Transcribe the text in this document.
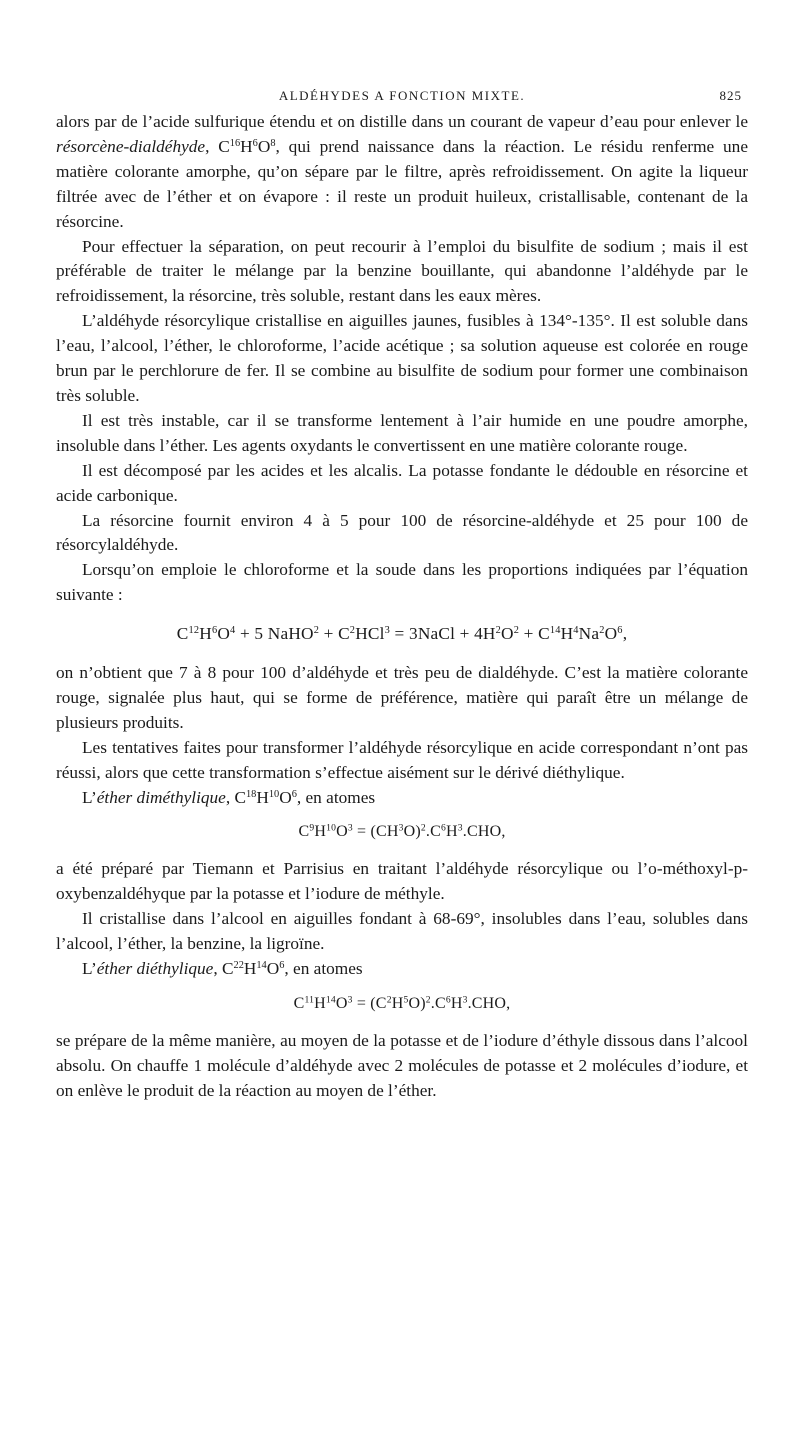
ALDÉHYDES A FONCTION MIXTE.	825

alors par de l’acide sulfurique étendu et on distille dans un courant de vapeur d’eau pour enlever le résorcène-dialdéhyde, $C^{16}H^6O^8$, qui prend naissance dans la réaction. Le résidu renferme une matière colorante amorphe, qu’on sépare par le filtre, après refroidissement. On agite la liqueur filtrée avec de l’éther et on évapore : il reste un produit huileux, cristallisable, contenant de la résorcine.

Pour effectuer la séparation, on peut recourir à l’emploi du bisulfite de sodium ; mais il est préférable de traiter le mélange par la benzine bouillante, qui abandonne l’aldéhyde par le refroidissement, la résorcine, très soluble, restant dans les eaux mères.

L’aldéhyde résorcylique cristallise en aiguilles jaunes, fusibles à 134°-135°. Il est soluble dans l’eau, l’alcool, l’éther, le chloroforme, l’acide acétique ; sa solution aqueuse est colorée en rouge brun par le perchlorure de fer. Il se combine au bisulfite de sodium pour former une combinaison très soluble.

Il est très instable, car il se transforme lentement à l’air humide en une poudre amorphe, insoluble dans l’éther. Les agents oxydants le convertissent en une matière colorante rouge.

Il est décomposé par les acides et les alcalis. La potasse fondante le dédouble en résorcine et acide carbonique.

La résorcine fournit environ 4 à 5 pour 100 de résorcine-aldéhyde et 25 pour 100 de résorcylaldéhyde.

Lorsqu’on emploie le chloroforme et la soude dans les proportions indiquées par l’équation suivante :

$C^{12}H^6O^4 + 5$ NaHO$^2$ + $C^2HCl^3$ = 3NaCl + $4H^2O^2 + C^{14}H^4Na^2O^6$,

on n’obtient que 7 à 8 pour 100 d’aldéhyde et très peu de dialdéhyde. C’est la matière colorante rouge, signalée plus haut, qui se forme de préférence, matière qui paraît être un mélange de plusieurs produits.

Les tentatives faites pour transformer l’aldéhyde résorcylique en acide correspondant n’ont pas réussi, alors que cette transformation s’effectue aisément sur le dérivé diéthylique.

L’éther diméthylique, $C^{18}H^{10}O^6$, en atomes

$C^9H^{10}O^3 = (CH^3O)^2.C^6H^3.CHO$,

a été préparé par Tiemann et Parrisius en traitant l’aldéhyde résorcylique ou l’o-méthoxyl-p-oxybenzaldéhyque par la potasse et l’iodure de méthyle.

Il cristallise dans l’alcool en aiguilles fondant à 68-69°, insolubles dans l’eau, solubles dans l’alcool, l’éther, la benzine, la ligroïne.

L’éther diéthylique, $C^{22}H^{14}O^6$, en atomes

$C^{11}H^{14}O^3 = (C^2H^5O)^2.C^6H^3.CHO$,

se prépare de la même manière, au moyen de la potasse et de l’iodure d’éthyle dissous dans l’alcool absolu. On chauffe 1 molécule d’aldéhyde avec 2 molécules de potasse et 2 molécules d’iodure, et on enlève le produit de la réaction au moyen de l’éther.
